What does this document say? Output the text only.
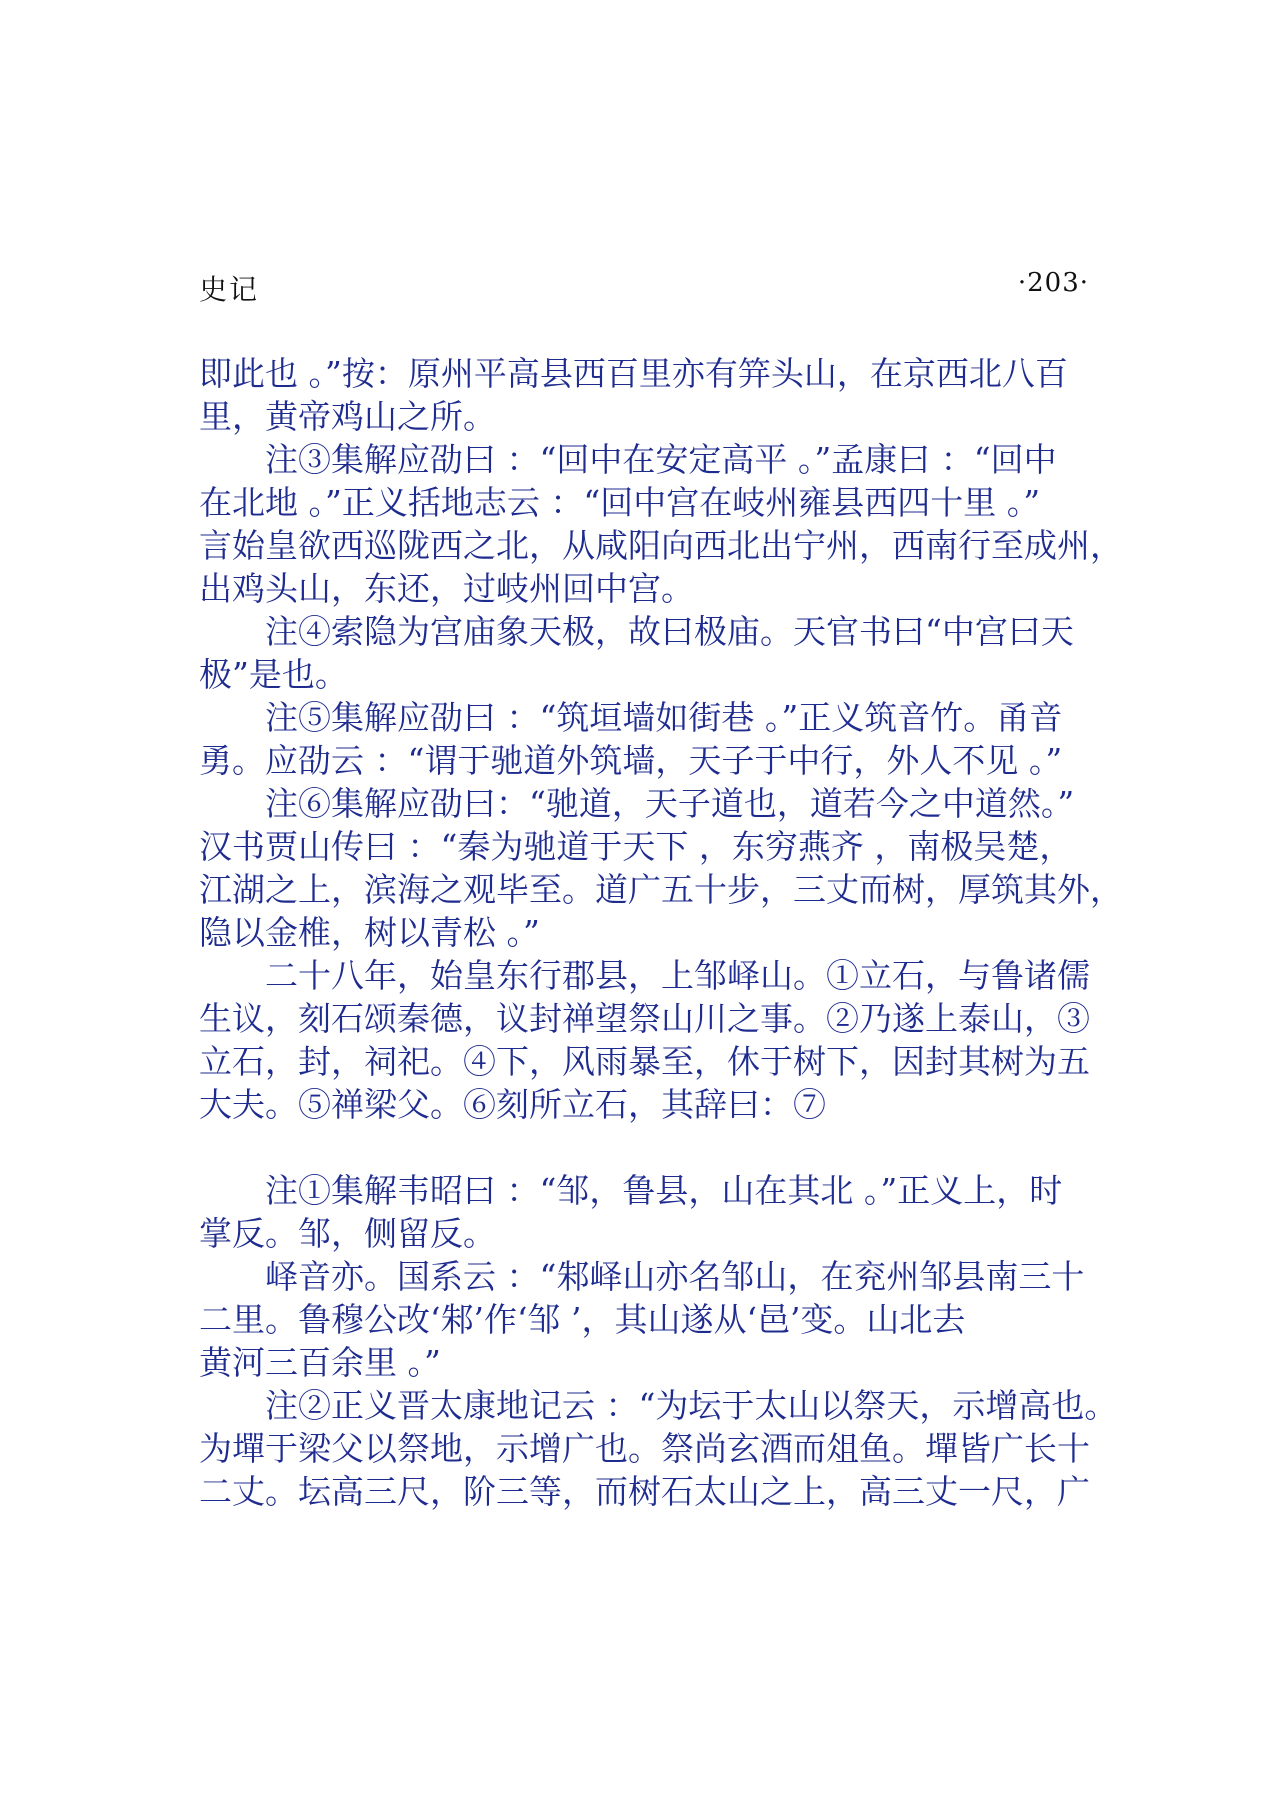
史记	·203·
即此也 。”按：原州平高县西百里亦有笄头山，在京西北八百
里，黄帝鸡山之所。
注③集解应劭曰 ：“回中在安定高平 。”孟康曰 ：“回中
在北地 。”正义括地志云 ：“回中宫在岐州雍县西四十里 。”
言始皇欲西巡陇西之北，从咸阳向西北出宁州，西南行至成州，
出鸡头山，东还，过岐州回中宫。
注④索隐为宫庙象天极，故曰极庙。天官书曰“中宫曰天
极”是也。
注⑤集解应劭曰 ：“筑垣墙如街巷 。”正义筑音竹。甬音
勇。应劭云 ：“谓于驰道外筑墙，天子于中行，外人不见 。”
注⑥集解应劭曰：“驰道，天子道也，道若今之中道然。”
汉书贾山传曰 ：“秦为驰道于天下 ，东穷燕齐 ，南极吴楚，
江湖之上，滨海之观毕至。道广五十步，三丈而树，厚筑其外，
隐以金椎，树以青松 。”
二十八年，始皇东行郡县，上邹峄山。①立石，与鲁诸儒
生议，刻石颂秦德，议封禅望祭山川之事。②乃遂上泰山，③
立石，封，祠祀。④下，风雨暴至，休于树下，因封其树为五
大夫。⑤禅梁父。⑥刻所立石，其辞曰：⑦
注①集解韦昭曰 ：“邹，鲁县，山在其北 。”正义上，时
掌反。邹，侧留反。
峄音亦。国系云 ：“邾峄山亦名邹山，在兖州邹县南三十
二里。鲁穆公改‘邾’作‘邹 ’，其山遂从‘邑’变。山北去
黄河三百余里 。”
注②正义晋太康地记云 ：“为坛于太山以祭天，示增高也。
为墠于梁父以祭地，示增广也。祭尚玄酒而俎鱼。墠皆广长十
二丈。坛高三尺，阶三等，而树石太山之上，高三丈一尺，广
